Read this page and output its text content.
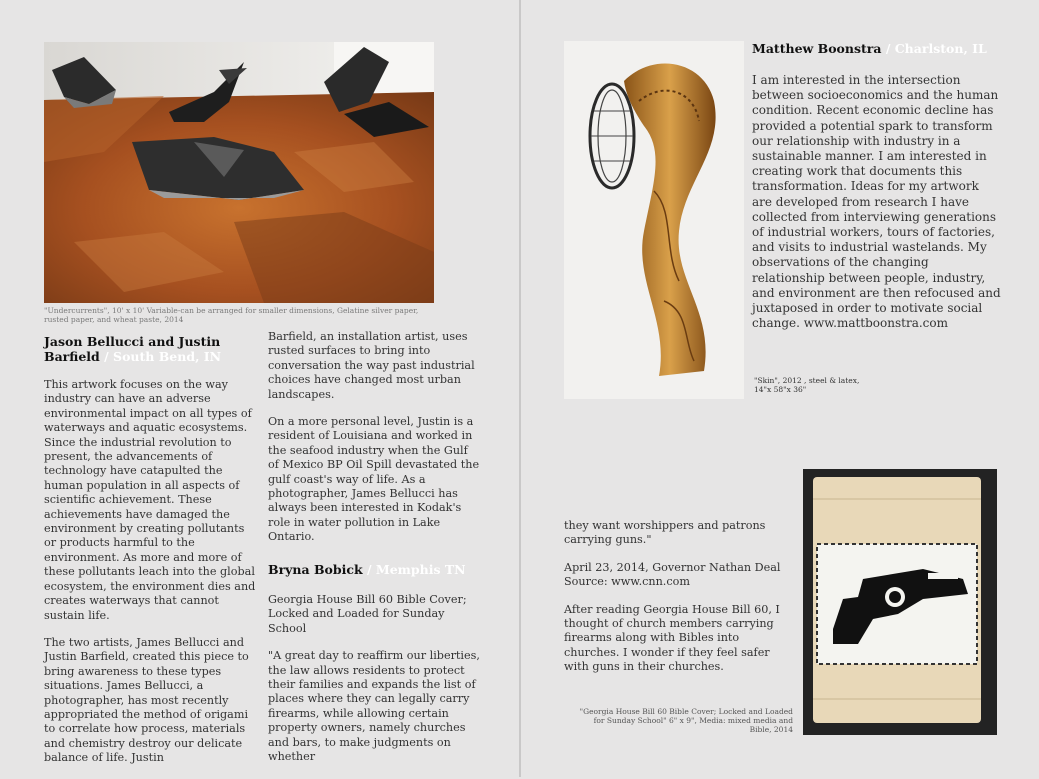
"Undercurrents", 10' x 10' Variable-can be arranged for smaller dimensions, Gelatine silver paper, rusted paper, and wheat paste, 2014
Jason Bellucci and Justin
Barfield / South Bend, IN

This artwork focuses on the way industry can have an adverse environmental impact on all types of waterways and aquatic ecosystems. Since the industrial revolution to present, the advancements of technology have catapulted the human population in all aspects of scientific achievement. These achievements have damaged the environment by creating pollutants or products harmful to the environment. As more and more of these pollutants leach into the global ecosystem, the environment dies and creates waterways that cannot sustain life.

The two artists, James Bellucci and Justin Barfield, created this piece to bring awareness to these types situations. James Bellucci, a photographer, has most recently appropriated the method of origami to correlate how process, materials and chemistry destroy our delicate balance of life. Justin

Barfield, an installation artist, uses rusted surfaces to bring into conversation the way past industrial choices have changed most urban landscapes.

On a more personal level, Justin is a resident of Louisiana and worked in the seafood industry when the Gulf of Mexico BP Oil Spill devastated the gulf coast's way of life. As a photographer, James Bellucci has always been interested in Kodak's role in water pollution in Lake Ontario.

Bryna Bobick / Memphis TN

Georgia House Bill 60 Bible Cover; Locked and Loaded for Sunday School

"A great day to reaffirm our liberties, the law allows residents to protect their families and expands the list of places where they can legally carry firearms, while allowing certain property owners, namely churches and bars, to make judgments on whether

"Skin", 2012 , steel & latex,
14"x 58"x 36"
Matthew Boonstra / Charlston, IL

I am interested in the intersection between socioeconomics and the human condition. Recent economic decline has provided a potential spark to transform our relationship with industry in a sustainable manner. I am interested in creating work that documents this transformation. Ideas for my artwork are developed from research I have collected from interviewing generations of industrial workers, tours of factories, and visits to industrial wastelands. My observations of the changing relationship between people, industry, and environment are then refocused and juxtaposed in order to motivate social change. www.mattboonstra.com

they want worshippers and patrons carrying guns."

April 23, 2014, Governor Nathan Deal
Source: www.cnn.com

After reading Georgia House Bill 60, I thought of church members carrying firearms along with Bibles into churches. I wonder if they feel safer with guns in their churches.

"Georgia House Bill 60 Bible Cover; Locked and Loaded for Sunday School" 6" x 9", Media: mixed media and Bible, 2014
